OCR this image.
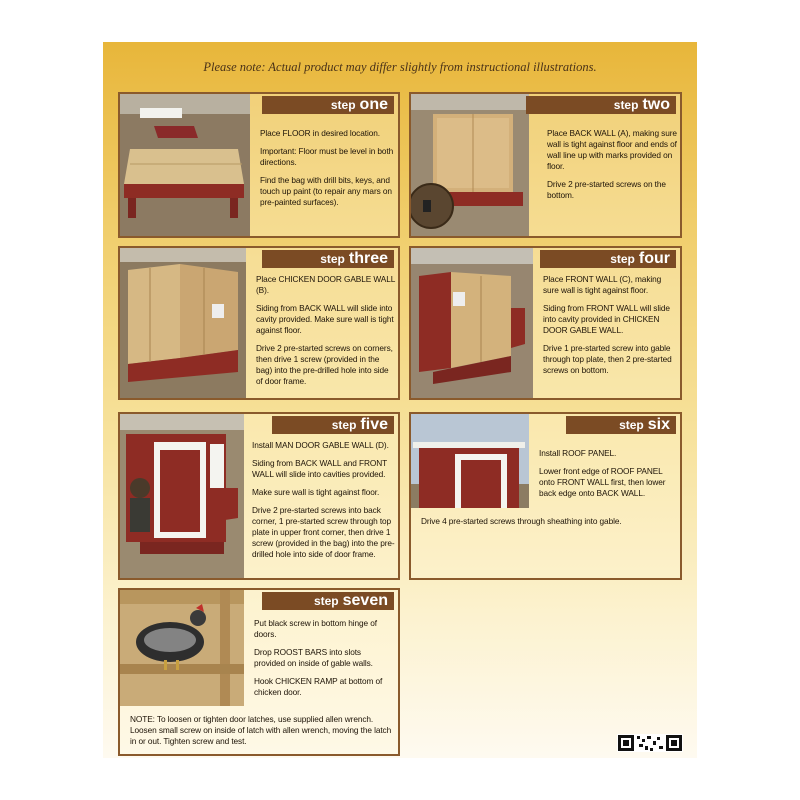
Please note: Actual product may differ slightly from instructional illustrations.
step one

Place FLOOR in desired location.

Important: Floor must be level in both directions.

Find the bag with drill bits, keys, and touch up paint (to repair any mars on pre-painted surfaces).

step two

Place BACK WALL (A), making sure wall is tight against floor and ends of wall line up with marks provided on floor.

Drive 2 pre-started screws on the bottom.

step three

Place CHICKEN DOOR GABLE WALL (B).

Siding from BACK WALL will slide into cavity provided. Make sure wall is tight against floor.

Drive 2 pre-started screws on corners, then drive 1 screw (provided in the bag) into the pre-drilled hole into side of door frame.

step four

Place FRONT WALL (C), making sure wall is tight against floor.

Siding from FRONT WALL will slide into cavity provided in CHICKEN DOOR GABLE WALL.

Drive 1 pre-started screw into gable through top plate, then 2 pre-started screws on bottom.

step five

Install MAN DOOR GABLE WALL (D).

Siding from BACK WALL and FRONT WALL will slide into cavities provided.

Make sure wall is tight against floor.

Drive 2 pre-started screws into back corner, 1 pre-started screw through top plate in upper front corner, then drive 1 screw (provided in the bag) into the pre-drilled hole into side of door frame.

step six

Install ROOF PANEL.

Lower front edge of ROOF PANEL onto FRONT WALL first, then lower back edge onto BACK WALL.

Drive 4 pre-started screws through sheathing into gable.
step seven

Put black screw in bottom hinge of doors.

Drop ROOST BARS into slots provided on inside of gable walls.

Hook CHICKEN RAMP at bottom of chicken door.

NOTE: To loosen or tighten door latches, use supplied allen wrench. Loosen small screw on inside of latch with allen wrench, moving the latch in or out. Tighten screw and test.
